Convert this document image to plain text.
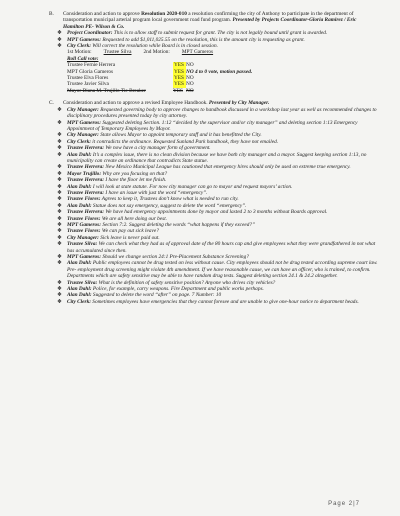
B.	Consideration and action to approve Resolution 2020-010 a resolution confirming the city of Anthony to participate in the department of transportation municipal arterial program local government road fund program. Presented by Projects Coordinator-Gloria Ramirez / Eric Hamilton PE- Wilson & Co.

❖ Project Coordinator: This is to allow staff to submit request for grant. The city is not legally bound until grant is awarded.

❖ MPT Gameros: Requested to add $1,011,025.55 on the resolution, this is the amount city is requesting as grant.

❖ City Clerk: Will correct the resolution while Board is in closed session.

1st Motion: Trustee Silva 2nd Motion: MPT Gameros

Roll Call vote:

Trustee Fernie Herrera	YES NO
MPT Gloria Gameros	YES NO 4 to 0 vote, motion passed.
Trustee Elva Flores	YES NO
Trustee Javier Silva	YES NO
Mayor Diana M. Trujillo Tie Breaker	YES NO
C.	Consideration and action to approve a revised Employee Handbook. Presented by City Manager.

❖ City Manager: Requested governing body to approve changes to handbook discussed in a workshop last year as well as recommended changes to disciplinary procedures presented today by city attorney.

❖ MPT Gameros: Suggested deleting Section. 1:12 “decided by the supervisor and/or city manager” and deleting section 1:13 Emergency Appointment of Temporary Employees by Mayor.

❖ City Manager: State allows Mayor to appoint temporary staff and it has benefitted the City.

❖ City Clerk: it contradicts the ordinance. Requested Sunland Park handbook, they have not emailed.

❖ Trustee Herrera: We now have a city manager form of government.

❖ Alan Dahl: It’s a complex issue, there is no clean division because we have both city manager and a mayor. Suggest keeping section 1:13, no municipality can create an ordinance that contradicts State statue.

❖ Trustee Herrera: New Mexico Municipal League has cautioned that emergency hires should only be used on extreme true emergency.

❖ Mayor Trujillo: Why are you focusing on that?

❖ Trustee Herrera: I have the floor let me finish.

❖ Alan Dahl: I will look at state statute. For now city manager can go to mayor and request mayors’ action.

❖ Trustee Herrera: I have an issue with just the word “emergency”.

❖ Trustee Flores: Agrees to keep it, Trustees don’t know what is needed to run city.

❖ Alan Dahl: Statue does not say emergency, suggest to delete the word “emergency”.

❖ Trustee Herrera: We have had emergency appointments done by mayor and lasted 2 to 3 months without Boards approval.

❖ Trustee Flores: We are all here doing our best.

❖ MPT Gameros: Section 7:2. Suggest deleting the words “what happens if they exceed?”

❖ Trustee Flores: We can pay out sick leave?

❖ City Manager: Sick leave is never paid out.

❖ Trustee Silva: We can check what they had as of approval date of the 80 hours cap and give employees what they were grandfathered in not what has accumulated since then.

❖ MPT Gameros: Should we change section 24:1 Pre-Placement Substance Screening?

❖ Alan Dahl: Public employees cannot be drug tested on less without cause. City employees should not be drug tested according supreme court law. Pre- employment drug screening might violate 4th amendment. If we have reasonable cause, we can have an officer, who is trained, to confirm. Departments which are safety sensitive may be able to have random drug tests. Suggest deleting section 24.1 & 24.2 altogether.

❖ Trustee Silva: What is the definition of safety sensitive position? Anyone who drives city vehicles?

❖ Alan Dahl: Police, for example, carry weapons. Fire Department and public works perhaps.

❖ Alan Dahl: Suggested to delete the word “after” on page. 7 Number: 10

❖ City Clerk: Sometimes employees have emergencies that they cannot foresee and are unable to give one-hour notice to department heads.

Page 2|7
